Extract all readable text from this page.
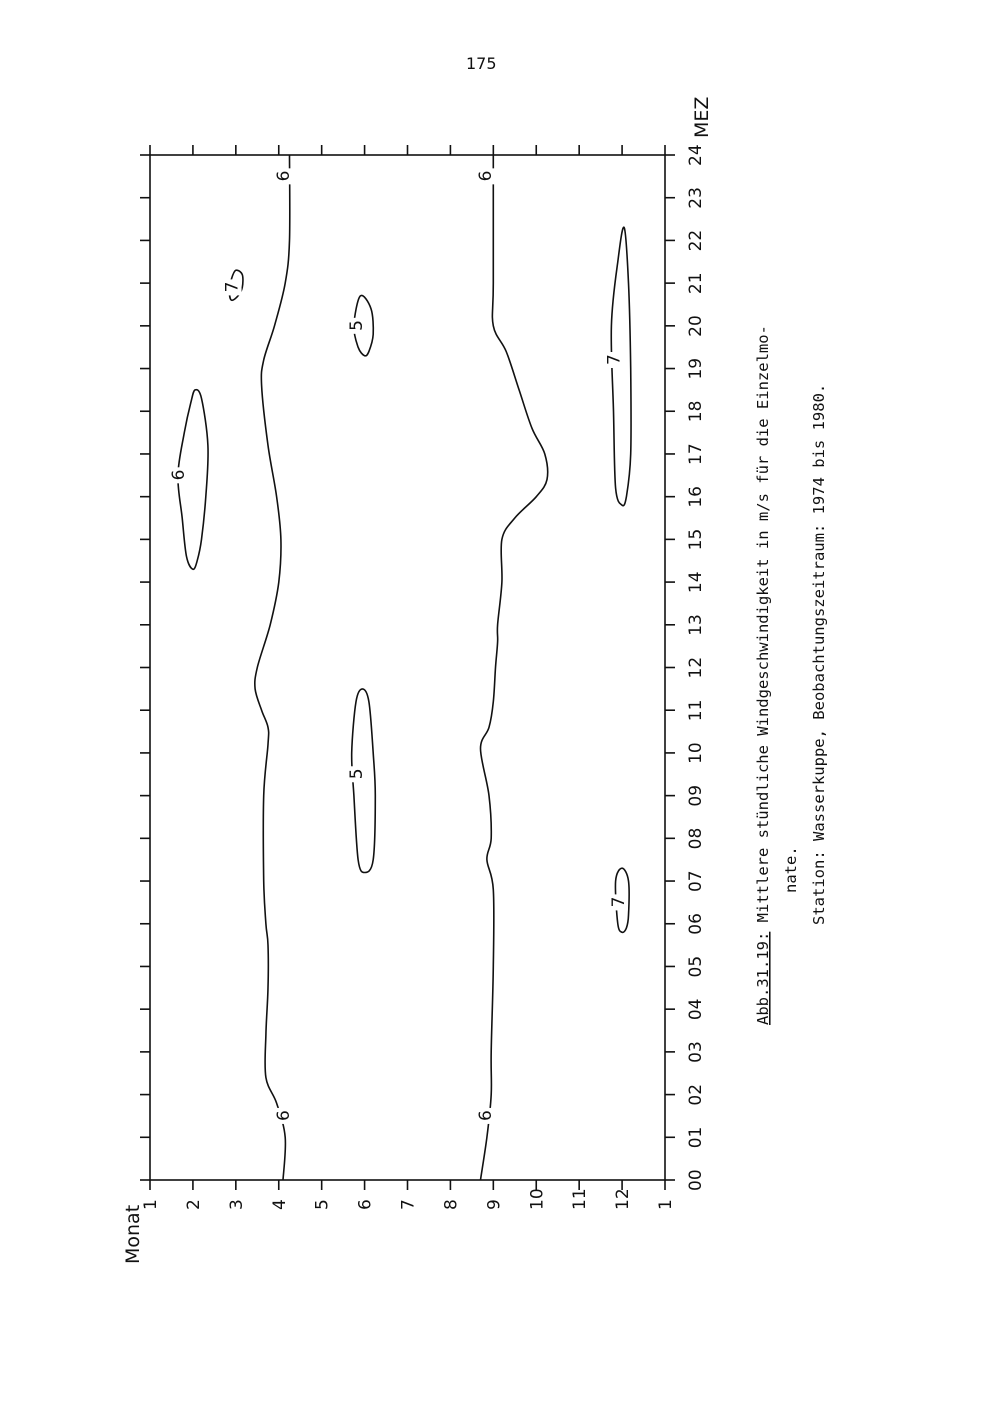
175
6
6
6
6
6
7
5
5
7
7
00
01
02
03
04
05
06
07
08
09
10
11
12
13
14
15
16
17
18
19
20
21
22
23
24
1 2 3 4 5 6 7 8 9 10 11 12 1
MEZ
Monat
Abb.31.19: Mittlere stündliche Windgeschwindigkeit in m/s für die Einzelmo- nate. Station: Wasserkuppe, Beobachtungszeitraum: 1974 bis 1980.
